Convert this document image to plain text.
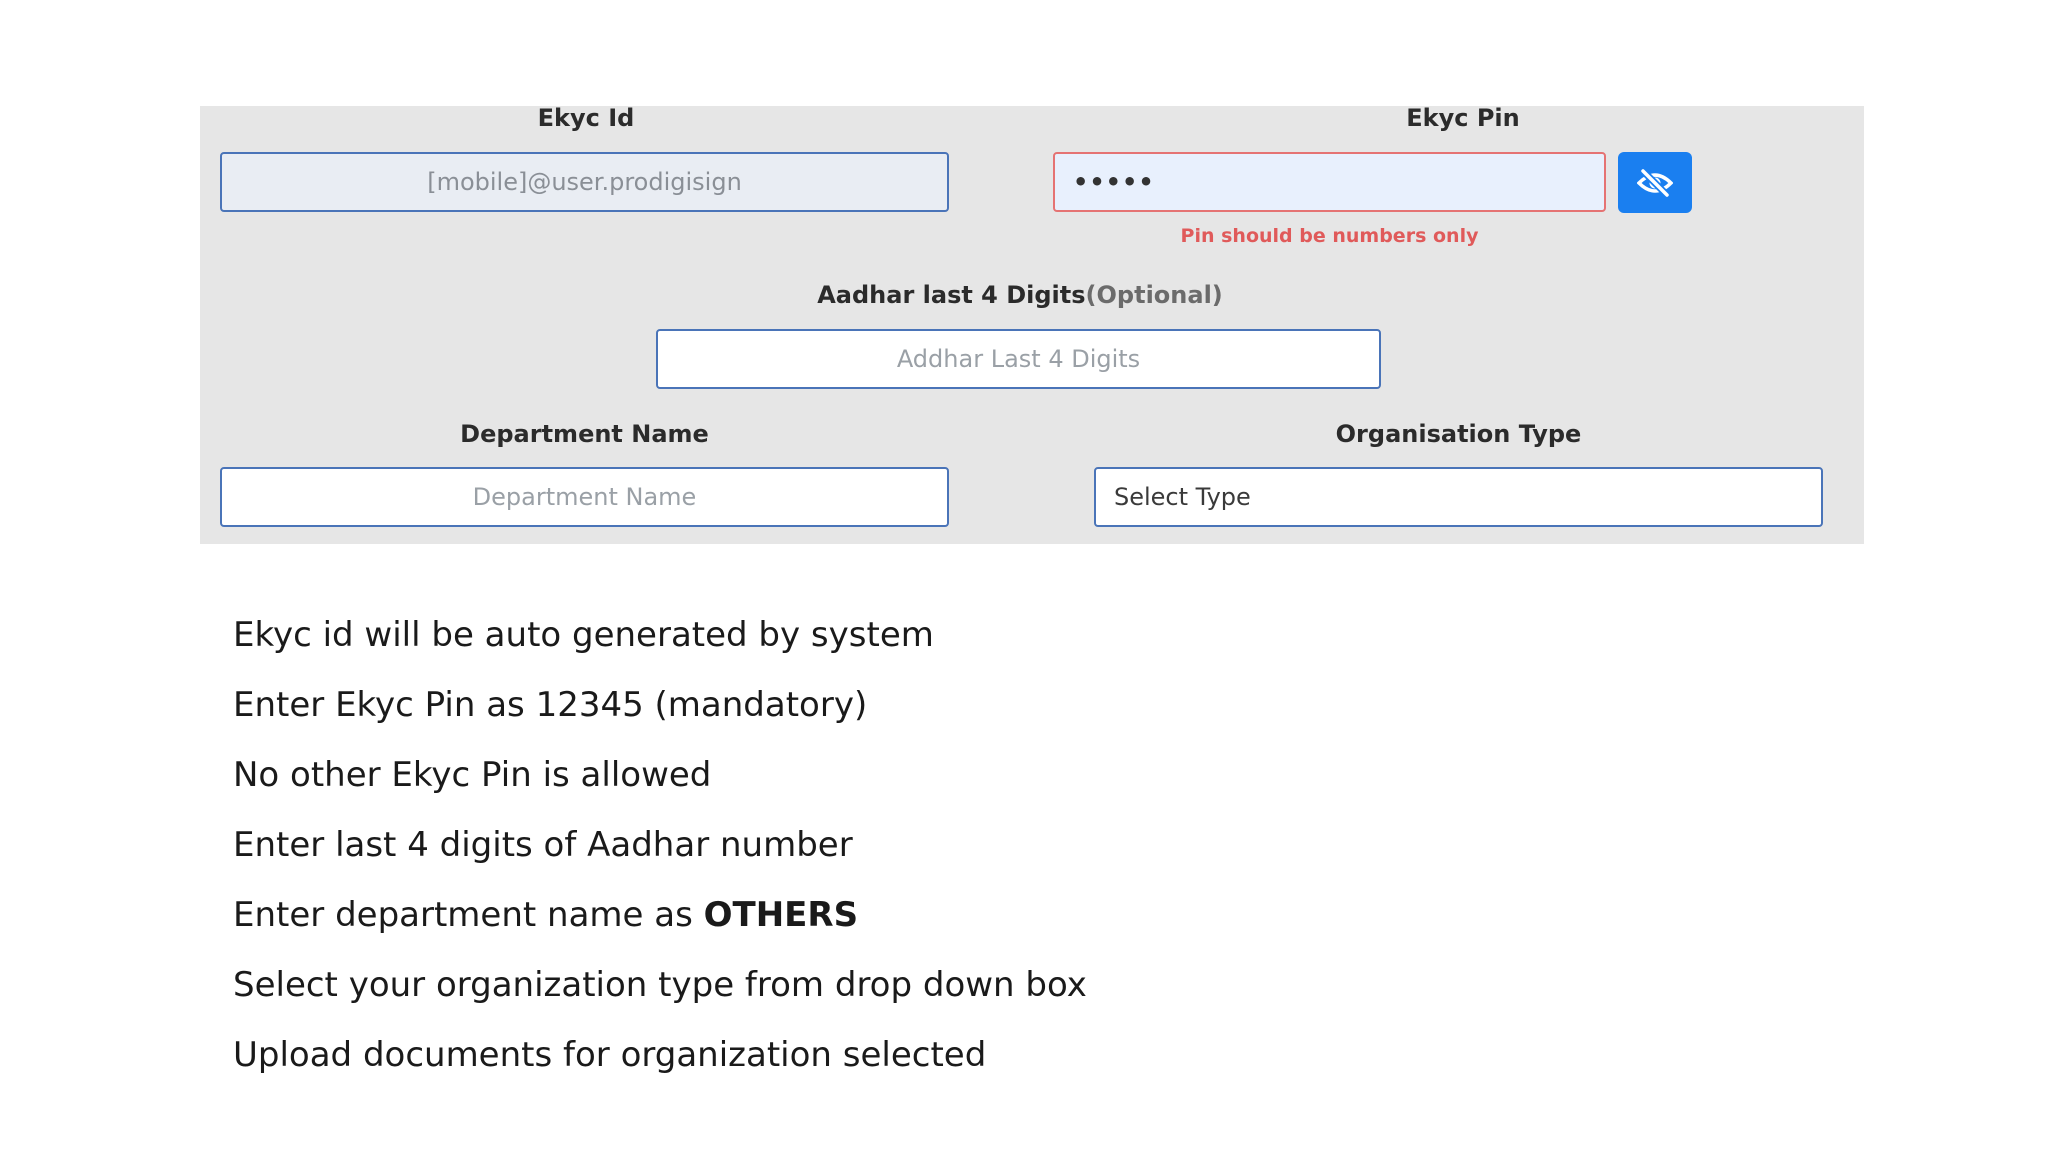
Ekyc Id
[mobile]@user.prodigisign
Ekyc Pin
•••••
Pin should be numbers only
Aadhar last 4 Digits(Optional)
Addhar Last 4 Digits
Department Name
Department Name
Organisation Type
Select Type
Ekyc id will be auto generated by system
Enter Ekyc Pin as 12345 (mandatory)
No other Ekyc Pin is allowed
Enter last 4 digits of Aadhar number
Enter department name as OTHERS
Select your organization type from drop down box
Upload documents for organization selected
